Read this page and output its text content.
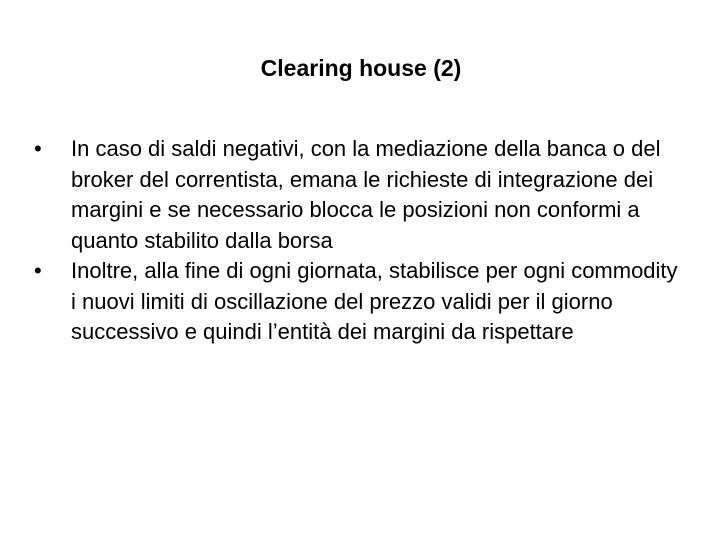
Clearing house (2)
•	In caso di saldi negativi, con la mediazione della banca o del broker del correntista, emana le richieste di integrazione dei margini e se necessario blocca le posizioni non conformi a quanto stabilito dalla borsa
•	Inoltre, alla fine di ogni giornata, stabilisce per ogni commodity i nuovi limiti di oscillazione del prezzo validi per il giorno successivo e quindi l’entità dei margini da rispettare
